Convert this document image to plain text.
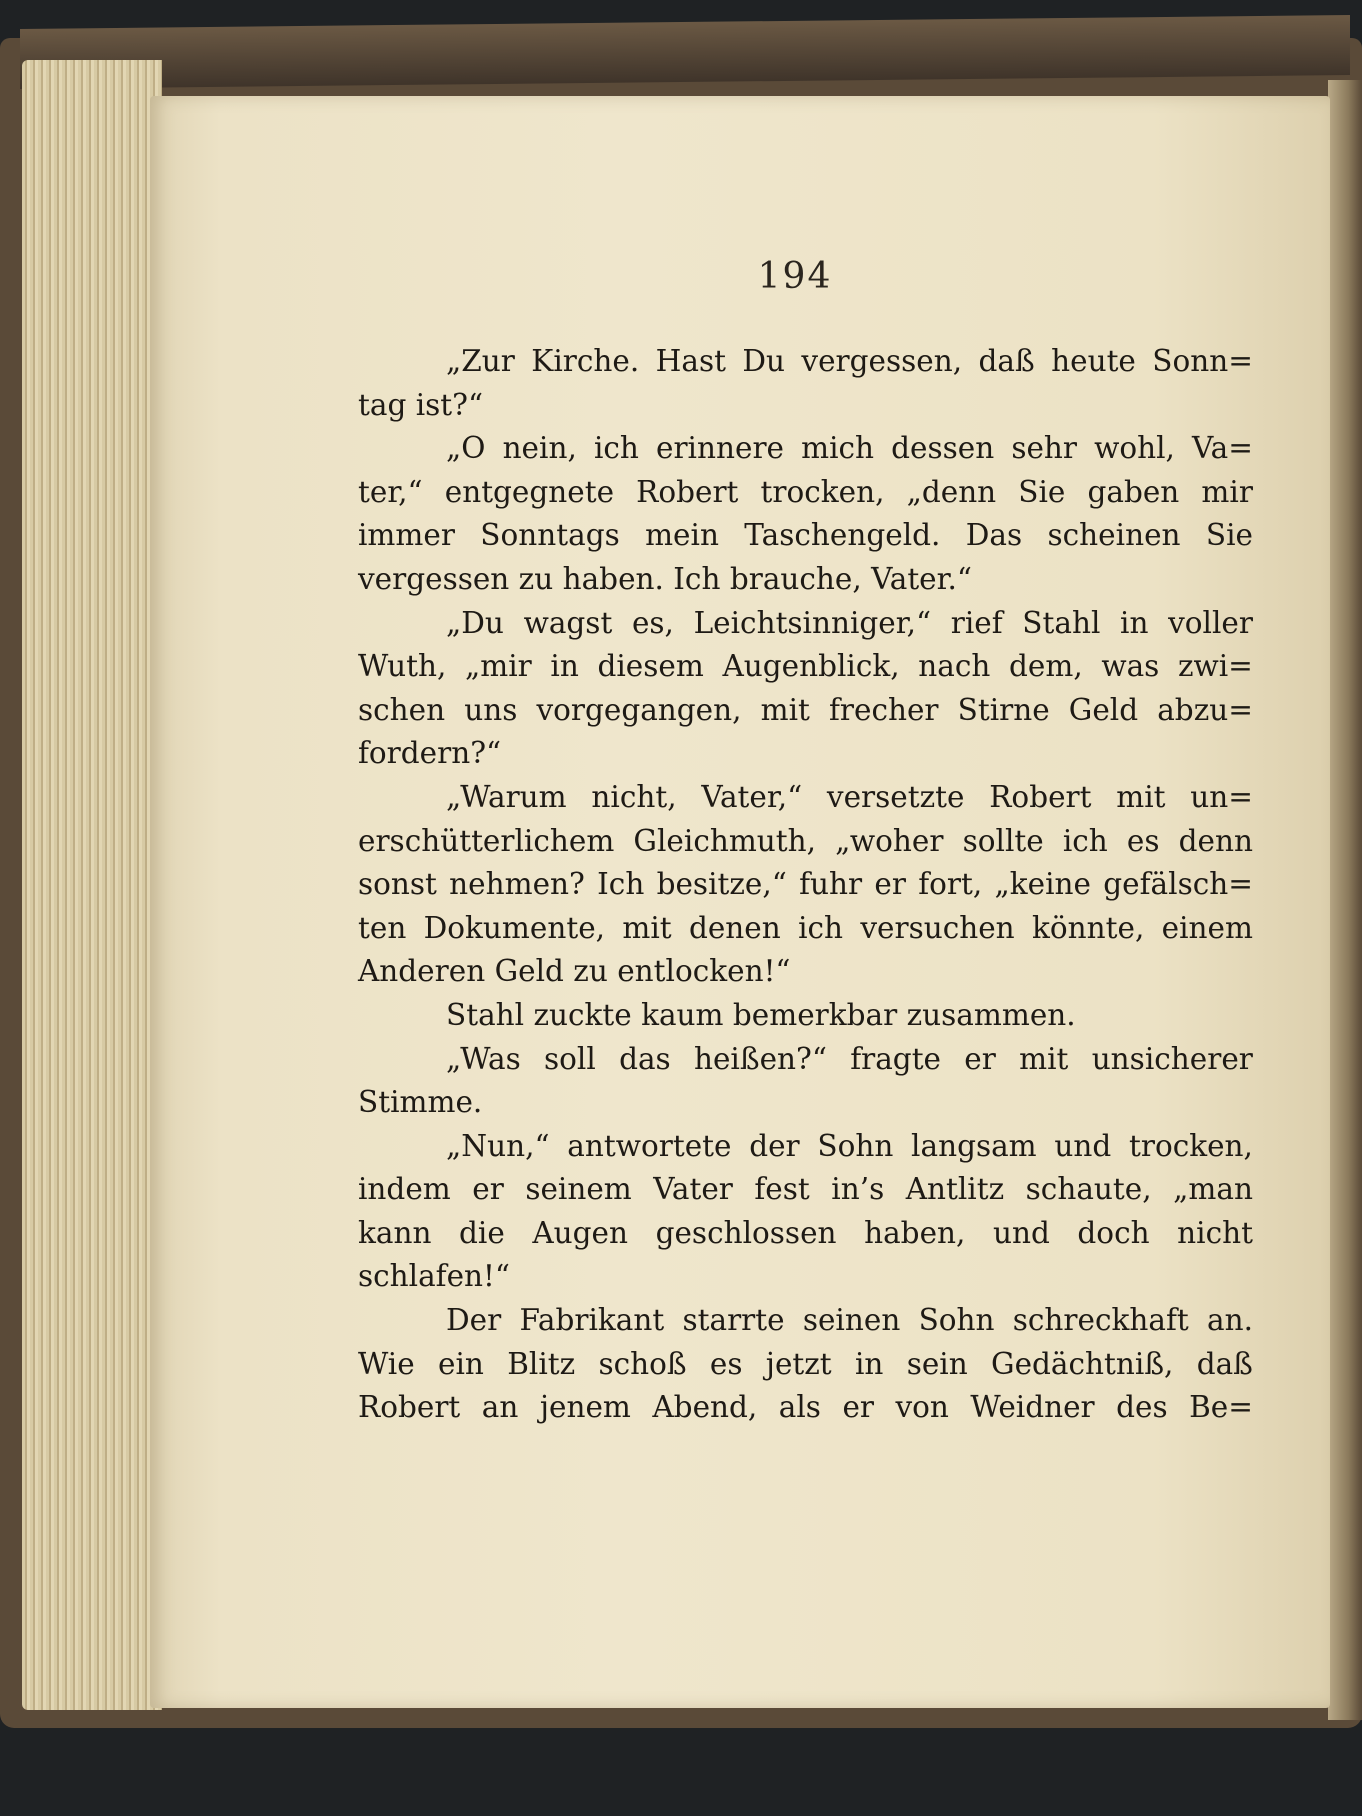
194
„Zur Kirche. Hast Du vergessen, daß heute Sonn=
tag ist?“
„O nein, ich erinnere mich dessen sehr wohl, Va=
ter,“ entgegnete Robert trocken, „denn Sie gaben mir
immer Sonntags mein Taschengeld. Das scheinen Sie
vergessen zu haben. Ich brauche, Vater.“
„Du wagst es, Leichtsinniger,“ rief Stahl in voller
Wuth, „mir in diesem Augenblick, nach dem, was zwi=
schen uns vorgegangen, mit frecher Stirne Geld abzu=
fordern?“
„Warum nicht, Vater,“ versetzte Robert mit un=
erschütterlichem Gleichmuth, „woher sollte ich es denn
sonst nehmen? Ich besitze,“ fuhr er fort, „keine gefälsch=
ten Dokumente, mit denen ich versuchen könnte, einem
Anderen Geld zu entlocken!“
Stahl zuckte kaum bemerkbar zusammen.
„Was soll das heißen?“ fragte er mit unsicherer
Stimme.
„Nun,“ antwortete der Sohn langsam und trocken,
indem er seinem Vater fest in’s Antlitz schaute, „man
kann die Augen geschlossen haben, und doch nicht
schlafen!“
Der Fabrikant starrte seinen Sohn schreckhaft an.
Wie ein Blitz schoß es jetzt in sein Gedächtniß, daß
Robert an jenem Abend, als er von Weidner des Be=
